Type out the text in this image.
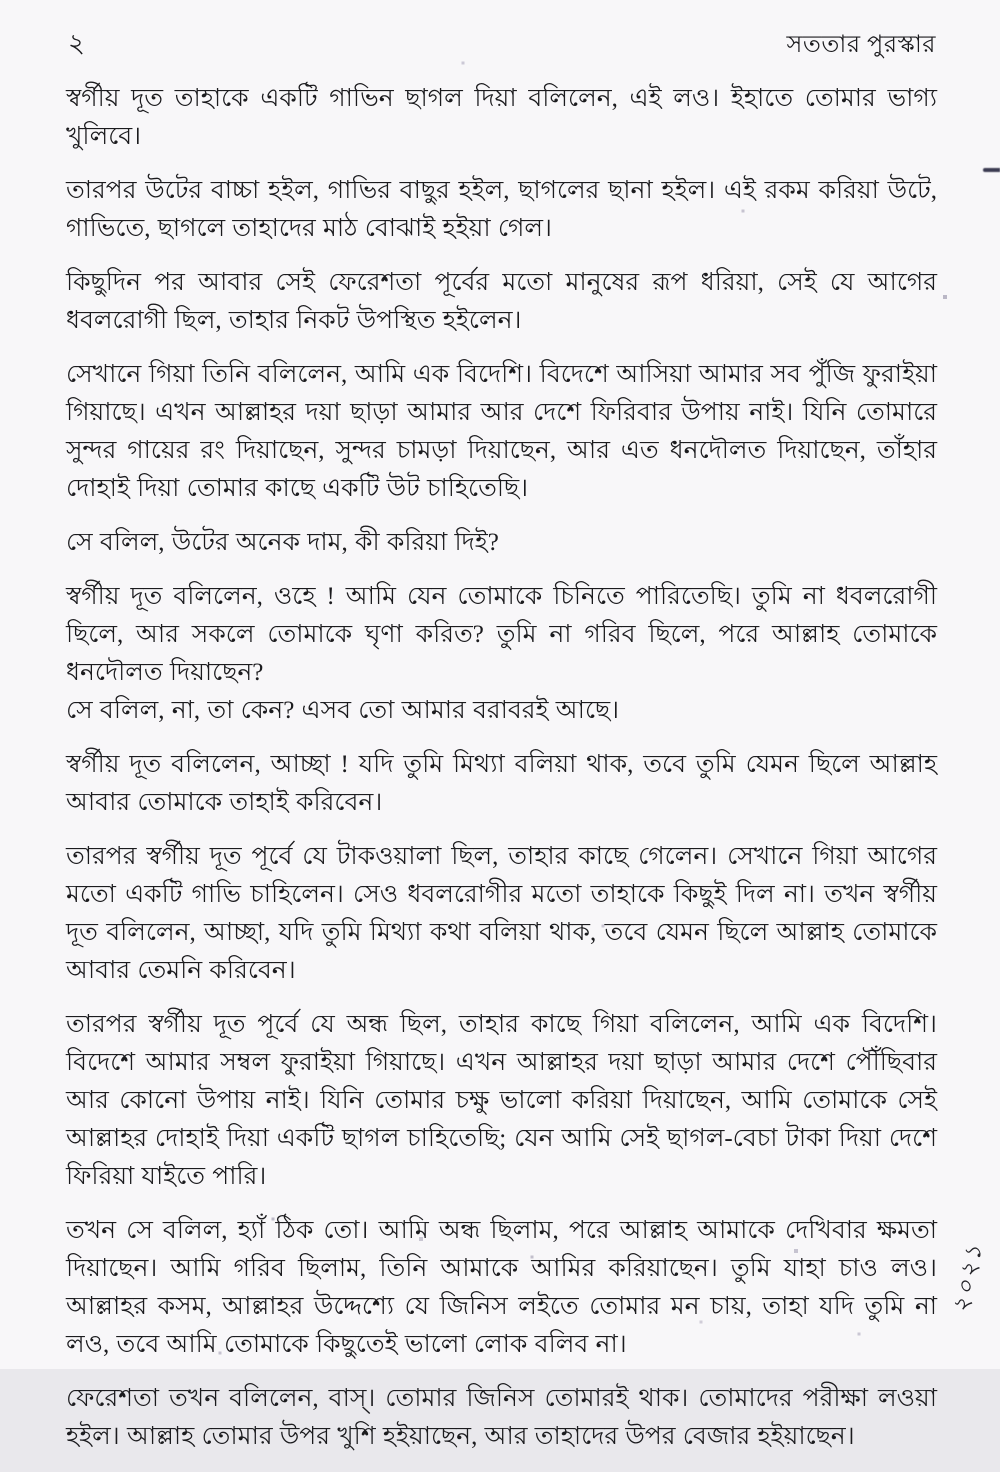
২	সততার পুরস্কার

স্বর্গীয় দূত তাহাকে একটি গাভিন ছাগল দিয়া বলিলেন, এই লও। ইহাতে তোমার ভাগ্য খুলিবে।

তারপর উটের বাচ্চা হইল, গাভির বাছুর হইল, ছাগলের ছানা হইল। এই রকম করিয়া উটে, গাভিতে, ছাগলে তাহাদের মাঠ বোঝাই হইয়া গেল।

কিছুদিন পর আবার সেই ফেরেশতা পূর্বের মতো মানুষের রূপ ধরিয়া, সেই যে আগের ধবলরোগী ছিল, তাহার নিকট উপস্থিত হইলেন।

সেখানে গিয়া তিনি বলিলেন, আমি এক বিদেশি। বিদেশে আসিয়া আমার সব পুঁজি ফুরাইয়া গিয়াছে। এখন আল্লাহর দয়া ছাড়া আমার আর দেশে ফিরিবার উপায় নাই। যিনি তোমারে সুন্দর গায়ের রং দিয়াছেন, সুন্দর চামড়া দিয়াছেন, আর এত ধনদৌলত দিয়াছেন, তাঁহার দোহাই দিয়া তোমার কাছে একটি উট চাহিতেছি।

সে বলিল, উটের অনেক দাম, কী করিয়া দিই?

স্বর্গীয় দূত বলিলেন, ওহে ! আমি যেন তোমাকে চিনিতে পারিতেছি। তুমি না ধবলরোগী ছিলে, আর সকলে তোমাকে ঘৃণা করিত? তুমি না গরিব ছিলে, পরে আল্লাহ তোমাকে ধনদৌলত দিয়াছেন?

সে বলিল, না, তা কেন? এসব তো আমার বরাবরই আছে।

স্বর্গীয় দূত বলিলেন, আচ্ছা ! যদি তুমি মিথ্যা বলিয়া থাক, তবে তুমি যেমন ছিলে আল্লাহ আবার তোমাকে তাহাই করিবেন।

তারপর স্বর্গীয় দূত পূর্বে যে টাকওয়ালা ছিল, তাহার কাছে গেলেন। সেখানে গিয়া আগের মতো একটি গাভি চাহিলেন। সেও ধবলরোগীর মতো তাহাকে কিছুই দিল না। তখন স্বর্গীয় দূত বলিলেন, আচ্ছা, যদি তুমি মিথ্যা কথা বলিয়া থাক, তবে যেমন ছিলে আল্লাহ তোমাকে আবার তেমনি করিবেন।

তারপর স্বর্গীয় দূত পূর্বে যে অন্ধ ছিল, তাহার কাছে গিয়া বলিলেন, আমি এক বিদেশি। বিদেশে আমার সম্বল ফুরাইয়া গিয়াছে। এখন আল্লাহর দয়া ছাড়া আমার দেশে পৌঁছিবার আর কোনো উপায় নাই। যিনি তোমার চক্ষু ভালো করিয়া দিয়াছেন, আমি তোমাকে সেই আল্লাহর দোহাই দিয়া একটি ছাগল চাহিতেছি; যেন আমি সেই ছাগল-বেচা টাকা দিয়া দেশে ফিরিয়া যাইতে পারি।

তখন সে বলিল, হ্যাঁ ঠিক তো। আমি অন্ধ ছিলাম, পরে আল্লাহ আমাকে দেখিবার ক্ষমতা দিয়াছেন। আমি গরিব ছিলাম, তিনি আমাকে আমির করিয়াছেন। তুমি যাহা চাও লও। আল্লাহর কসম, আল্লাহর উদ্দেশ্যে যে জিনিস লইতে তোমার মন চায়, তাহা যদি তুমি না লও, তবে আমি তোমাকে কিছুতেই ভালো লোক বলিব না।

ফেরেশতা তখন বলিলেন, বাস্। তোমার জিনিস তোমারই থাক। তোমাদের পরীক্ষা লওয়া হইল। আল্লাহ তোমার উপর খুশি হইয়াছেন, আর তাহাদের উপর বেজার হইয়াছেন।

২০২১
